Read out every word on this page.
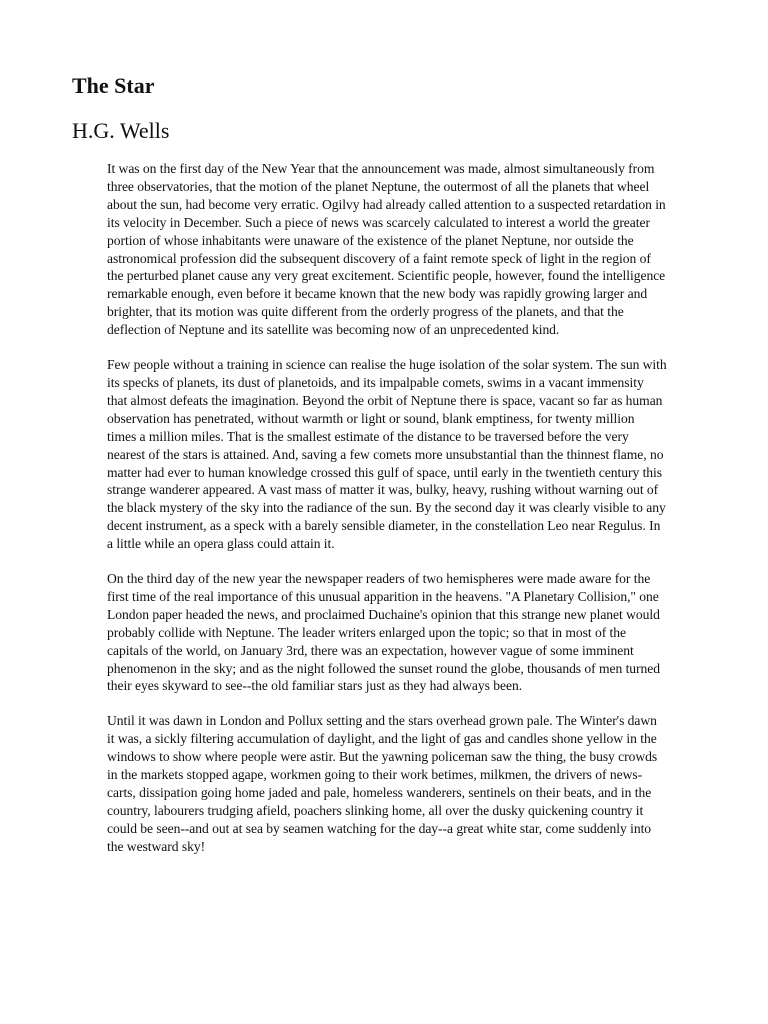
The Star
H.G. Wells

It was on the first day of the New Year that the announcement was made, almost simultaneously from three observatories, that the motion of the planet Neptune, the outermost of all the planets that wheel about the sun, had become very erratic. Ogilvy had already called attention to a suspected retardation in its velocity in December. Such a piece of news was scarcely calculated to interest a world the greater portion of whose inhabitants were unaware of the existence of the planet Neptune, nor outside the astronomical profession did the subsequent discovery of a faint remote speck of light in the region of the perturbed planet cause any very great excitement. Scientific people, however, found the intelligence remarkable enough, even before it became known that the new body was rapidly growing larger and brighter, that its motion was quite different from the orderly progress of the planets, and that the deflection of Neptune and its satellite was becoming now of an unprecedented kind.

Few people without a training in science can realise the huge isolation of the solar system. The sun with its specks of planets, its dust of planetoids, and its impalpable comets, swims in a vacant immensity that almost defeats the imagination. Beyond the orbit of Neptune there is space, vacant so far as human observation has penetrated, without warmth or light or sound, blank emptiness, for twenty million times a million miles. That is the smallest estimate of the distance to be traversed before the very nearest of the stars is attained. And, saving a few comets more unsubstantial than the thinnest flame, no matter had ever to human knowledge crossed this gulf of space, until early in the twentieth century this strange wanderer appeared. A vast mass of matter it was, bulky, heavy, rushing without warning out of the black mystery of the sky into the radiance of the sun. By the second day it was clearly visible to any decent instrument, as a speck with a barely sensible diameter, in the constellation Leo near Regulus. In a little while an opera glass could attain it.

On the third day of the new year the newspaper readers of two hemispheres were made aware for the first time of the real importance of this unusual apparition in the heavens. "A Planetary Collision," one London paper headed the news, and proclaimed Duchaine's opinion that this strange new planet would probably collide with Neptune. The leader writers enlarged upon the topic; so that in most of the capitals of the world, on January 3rd, there was an expectation, however vague of some imminent phenomenon in the sky; and as the night followed the sunset round the globe, thousands of men turned their eyes skyward to see--the old familiar stars just as they had always been.

Until it was dawn in London and Pollux setting and the stars overhead grown pale. The Winter's dawn it was, a sickly filtering accumulation of daylight, and the light of gas and candles shone yellow in the windows to show where people were astir. But the yawning policeman saw the thing, the busy crowds in the markets stopped agape, workmen going to their work betimes, milkmen, the drivers of news-carts, dissipation going home jaded and pale, homeless wanderers, sentinels on their beats, and in the country, labourers trudging afield, poachers slinking home, all over the dusky quickening country it could be seen--and out at sea by seamen watching for the day--a great white star, come suddenly into the westward sky!
